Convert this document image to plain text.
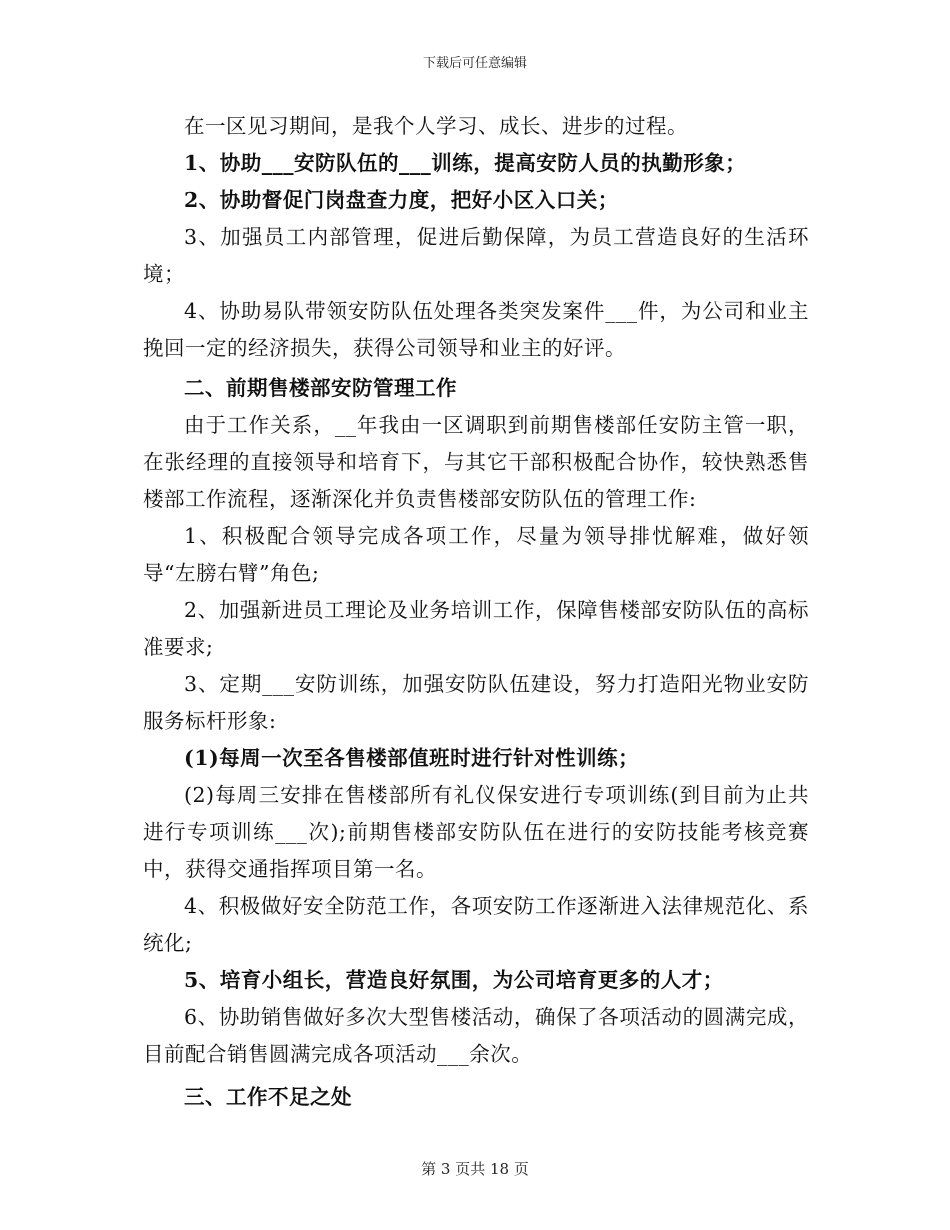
下载后可任意编辑

在一区见习期间，是我个人学习、成长、进步的过程。

1、协助___安防队伍的___训练，提高安防人员的执勤形象；

2、协助督促门岗盘查力度，把好小区入口关；

3、加强员工内部管理，促进后勤保障，为员工营造良好的生活环境；

4、协助易队带领安防队伍处理各类突发案件___件，为公司和业主挽回一定的经济损失，获得公司领导和业主的好评。

二、前期售楼部安防管理工作

由于工作关系，__年我由一区调职到前期售楼部任安防主管一职，在张经理的直接领导和培育下，与其它干部积极配合协作，较快熟悉售楼部工作流程，逐渐深化并负责售楼部安防队伍的管理工作:

1、积极配合领导完成各项工作，尽量为领导排忧解难，做好领导“左膀右臂”角色;

2、加强新进员工理论及业务培训工作，保障售楼部安防队伍的高标准要求;

3、定期___安防训练，加强安防队伍建设，努力打造阳光物业安防服务标杆形象:

(1)每周一次至各售楼部值班时进行针对性训练；

(2)每周三安排在售楼部所有礼仪保安进行专项训练(到目前为止共进行专项训练___次);前期售楼部安防队伍在进行的安防技能考核竞赛中，获得交通指挥项目第一名。

4、积极做好安全防范工作，各项安防工作逐渐进入法律规范化、系统化;

5、培育小组长，营造良好氛围，为公司培育更多的人才；

6、协助销售做好多次大型售楼活动，确保了各项活动的圆满完成，目前配合销售圆满完成各项活动___余次。

三、工作不足之处

第 3 页共 18 页
